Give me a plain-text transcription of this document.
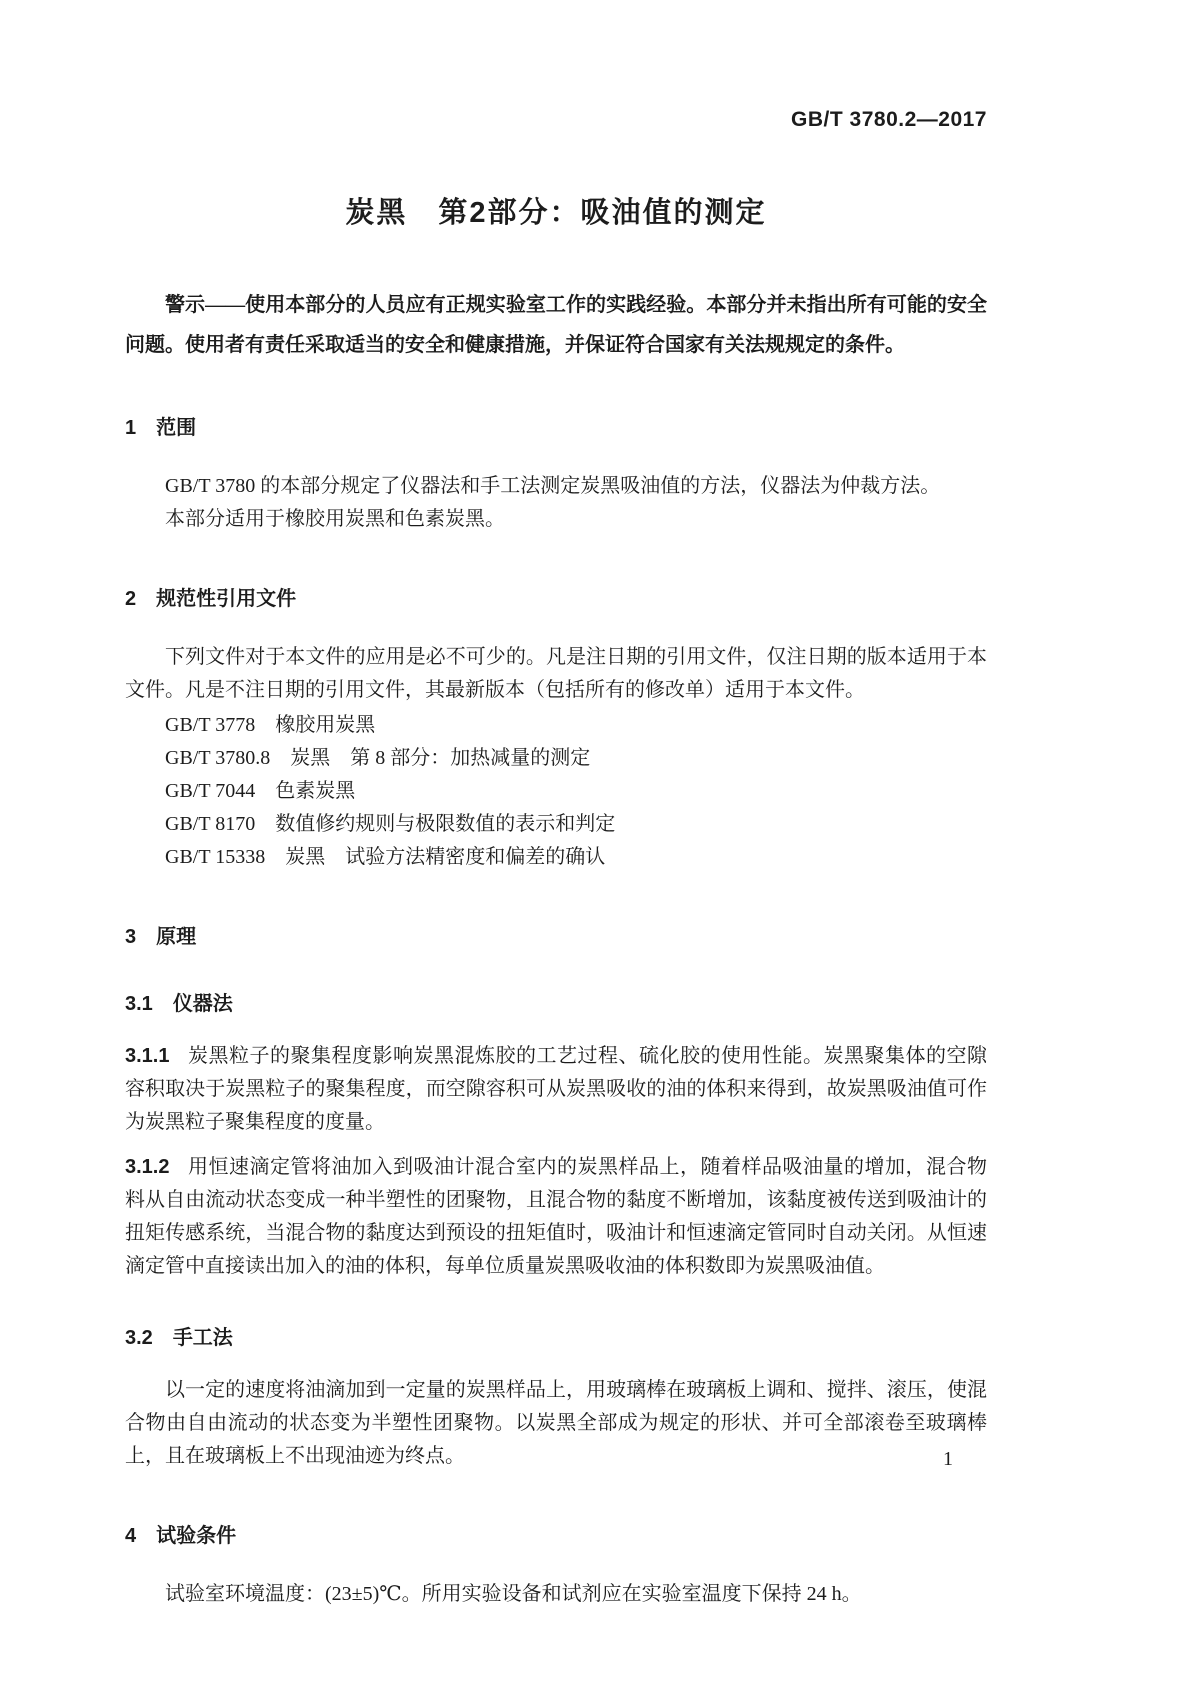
GB/T 3780.2—2017
炭黑　第2部分：吸油值的测定

警示——使用本部分的人员应有正规实验室工作的实践经验。本部分并未指出所有可能的安全问题。使用者有责任采取适当的安全和健康措施，并保证符合国家有关法规规定的条件。

1 范围

GB/T 3780 的本部分规定了仪器法和手工法测定炭黑吸油值的方法，仪器法为仲裁方法。

本部分适用于橡胶用炭黑和色素炭黑。

2 规范性引用文件

下列文件对于本文件的应用是必不可少的。凡是注日期的引用文件，仅注日期的版本适用于本文件。凡是不注日期的引用文件，其最新版本（包括所有的修改单）适用于本文件。

GB/T 3778　橡胶用炭黑
GB/T 3780.8　炭黑　第 8 部分：加热减量的测定
GB/T 7044　色素炭黑
GB/T 8170　数值修约规则与极限数值的表示和判定
GB/T 15338　炭黑　试验方法精密度和偏差的确认
3 原理
3.1 仪器法

3.1.1 炭黑粒子的聚集程度影响炭黑混炼胶的工艺过程、硫化胶的使用性能。炭黑聚集体的空隙容积取决于炭黑粒子的聚集程度，而空隙容积可从炭黑吸收的油的体积来得到，故炭黑吸油值可作为炭黑粒子聚集程度的度量。

3.1.2 用恒速滴定管将油加入到吸油计混合室内的炭黑样品上，随着样品吸油量的增加，混合物料从自由流动状态变成一种半塑性的团聚物，且混合物的黏度不断增加，该黏度被传送到吸油计的扭矩传感系统，当混合物的黏度达到预设的扭矩值时，吸油计和恒速滴定管同时自动关闭。从恒速滴定管中直接读出加入的油的体积，每单位质量炭黑吸收油的体积数即为炭黑吸油值。

3.2 手工法

以一定的速度将油滴加到一定量的炭黑样品上，用玻璃棒在玻璃板上调和、搅拌、滚压，使混合物由自由流动的状态变为半塑性团聚物。以炭黑全部成为规定的形状、并可全部滚卷至玻璃棒上，且在玻璃板上不出现油迹为终点。

4 试验条件

试验室环境温度：(23±5)℃。所用实验设备和试剂应在实验室温度下保持 24 h。

1
